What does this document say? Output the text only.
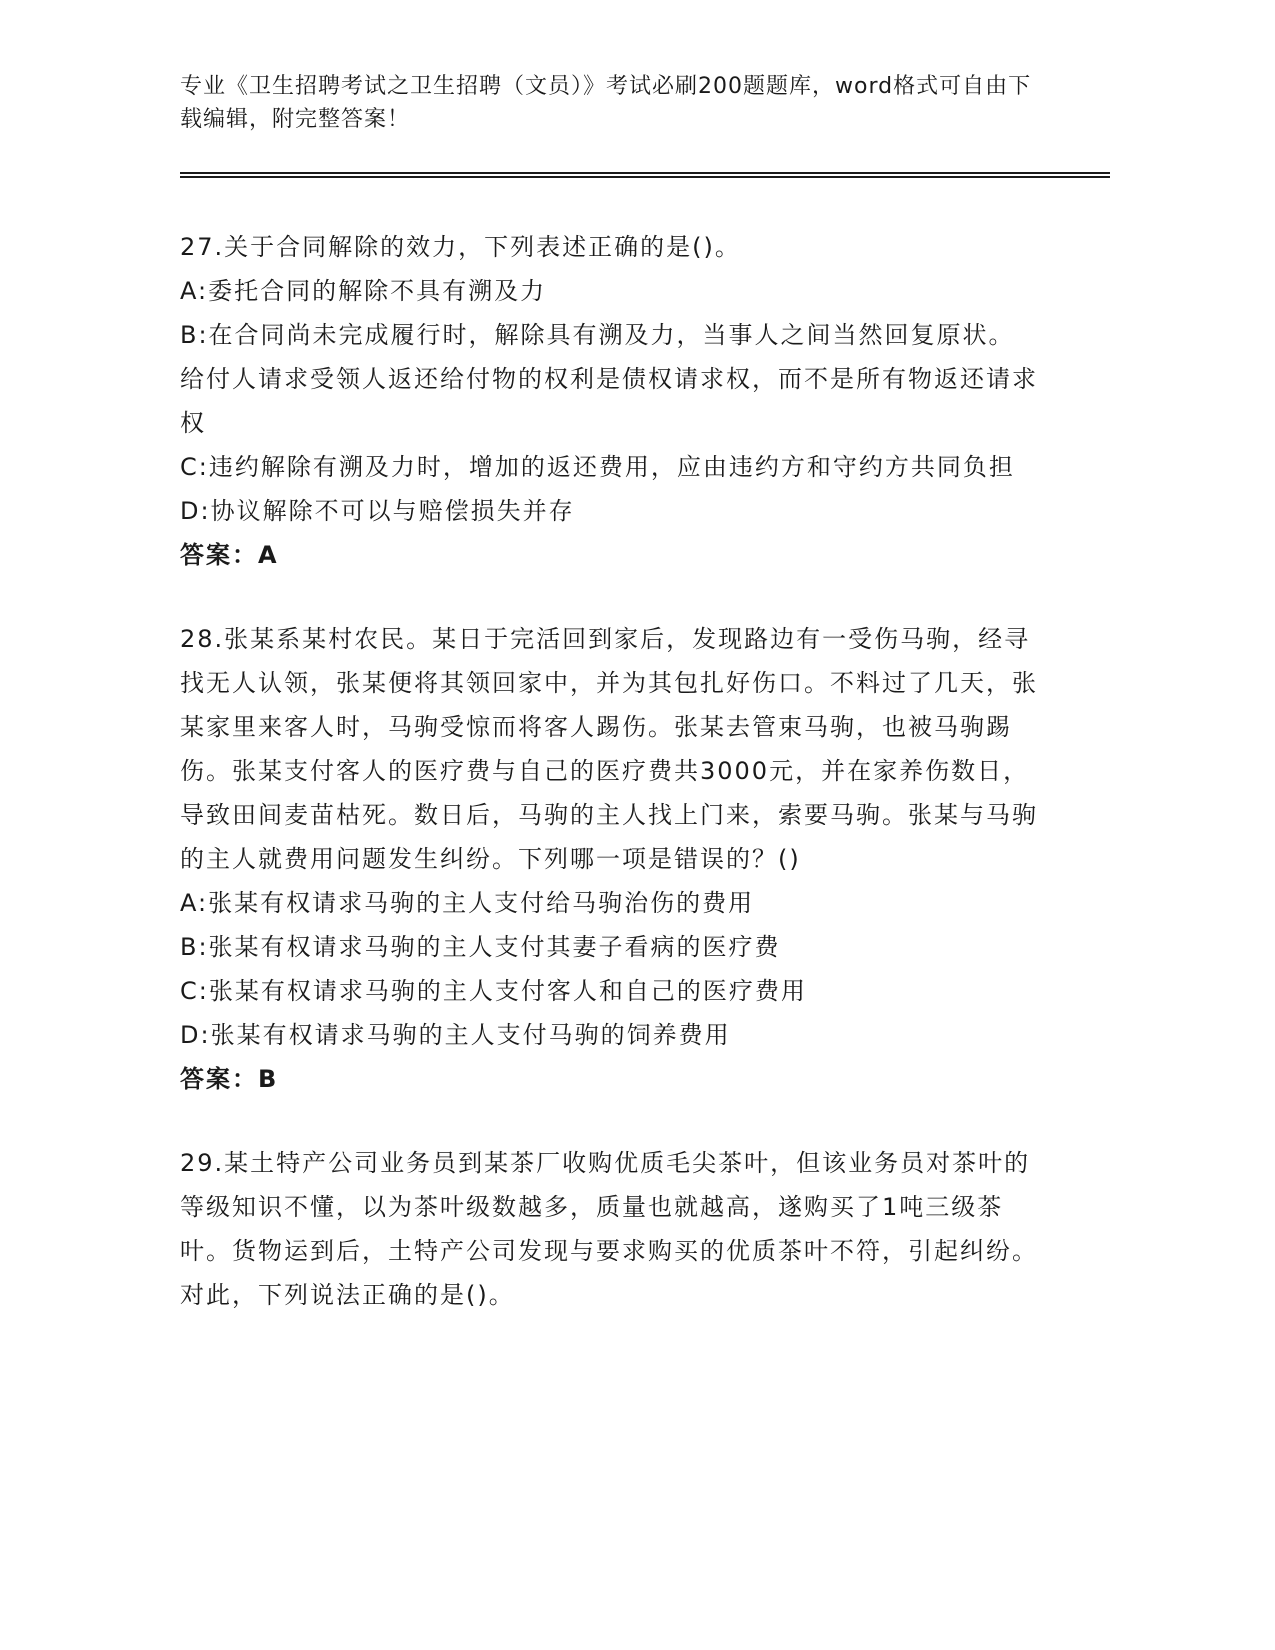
专业《卫生招聘考试之卫生招聘（文员）》考试必刷200题题库，word格式可自由下载编辑，附完整答案！

27.关于合同解除的效力，下列表述正确的是()。

A:委托合同的解除不具有溯及力

B:在合同尚未完成履行时，解除具有溯及力，当事人之间当然回复原状。给付人请求受领人返还给付物的权利是债权请求权，而不是所有物返还请求权

C:违约解除有溯及力时，增加的返还费用，应由违约方和守约方共同负担

D:协议解除不可以与赔偿损失并存

答案：A

28.张某系某村农民。某日于完活回到家后，发现路边有一受伤马驹，经寻找无人认领，张某便将其领回家中，并为其包扎好伤口。不料过了几天，张某家里来客人时，马驹受惊而将客人踢伤。张某去管束马驹，也被马驹踢伤。张某支付客人的医疗费与自己的医疗费共3000元，并在家养伤数日，导致田间麦苗枯死。数日后，马驹的主人找上门来，索要马驹。张某与马驹的主人就费用问题发生纠纷。下列哪一项是错误的？()

A:张某有权请求马驹的主人支付给马驹治伤的费用

B:张某有权请求马驹的主人支付其妻子看病的医疗费

C:张某有权请求马驹的主人支付客人和自己的医疗费用

D:张某有权请求马驹的主人支付马驹的饲养费用

答案：B

29.某土特产公司业务员到某茶厂收购优质毛尖茶叶，但该业务员对茶叶的等级知识不懂，以为茶叶级数越多，质量也就越高，遂购买了1吨三级茶叶。货物运到后，土特产公司发现与要求购买的优质茶叶不符，引起纠纷。对此，下列说法正确的是()。
